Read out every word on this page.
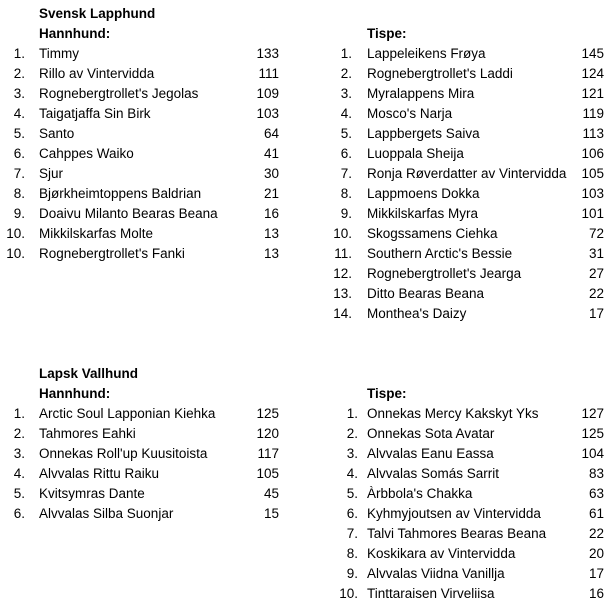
Svensk Lapphund
Hannhund:	Tispe:
1. Timmy	133
2. Rillo av Vintervidda	111
3. Rognebergtrollet's Jegolas	109
4. Taigatjaffa Sin Birk	103
5. Santo	64
6. Cahppes Waiko	41
7. Sjur	30
8. Bjørkheimtoppens Baldrian	21
9. Doaivu Milanto Bearas Beana	16
10. Mikkilskarfas Molte	13
10. Rognebergtrollet's Fanki	13
1. Lappeleikens Frøya	145
2. Rognebergtrollet's Laddi	124
3. Myralappens Mira	121
4. Mosco's Narja	119
5. Lappbergets Saiva	113
6. Luoppala Sheija	106
7. Ronja Røverdatter av Vintervidda 105
8. Lappmoens Dokka	103
9. Mikkilskarfas Myra	101
10. Skogssamens Ciehka	72
11. Southern Arctic's Bessie	31
12. Rognebergtrollet's Jearga	27
13. Ditto Bearas Beana	22
14. Monthea's Daizy	17
Lapsk Vallhund
Hannhund:	Tispe:
1. Arctic Soul Lapponian Kiehka	125
2. Tahmores Eahki	120
3. Onnekas Roll'up Kuusitoista	117
4. Alvvalas Rittu Raiku	105
5. Kvitsymras Dante	45
6. Alvvalas Silba Suonjar	15
1. Onnekas Mercy Kakskyt Yks	127
2. Onnekas Sota Avatar	125
3. Alvvalas Eanu Eassa	104
4. Alvvalas Somás Sarrit	83
5. Àrbbola's Chakka	63
6. Kyhmyjoutsen av Vintervidda	61
7. Talvi Tahmores Bearas Beana	22
8. Koskikara av Vintervidda	20
9. Alvvalas Viidna Vanillja	17
10. Tinttaraisen Virveliisa	16
